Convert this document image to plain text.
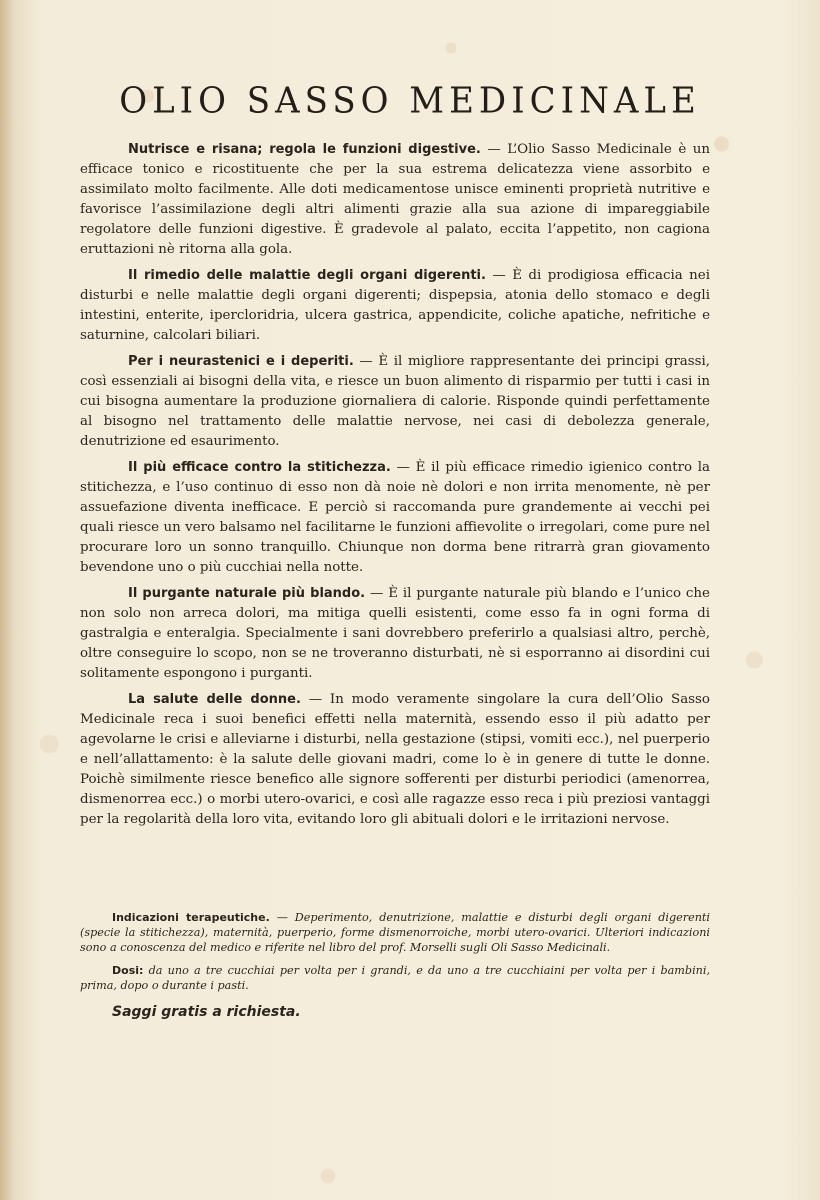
OLIO SASSO MEDICINALE

Nutrisce e risana; regola le funzioni digestive. — L’Olio Sasso Medicinale è un efficace tonico e ricostituente che per la sua estrema delicatezza viene assorbito e assimilato molto facilmente. Alle doti medicamentose unisce eminenti proprietà nutritive e favorisce l’assimilazione degli altri alimenti grazie alla sua azione di impareggiabile regolatore delle funzioni digestive. È gradevole al palato, eccita l’appetito, non cagiona eruttazioni nè ritorna alla gola.

Il rimedio delle malattie degli organi digerenti. — È di prodigiosa efficacia nei disturbi e nelle malattie degli organi digerenti; dispepsia, atonia dello stomaco e degli intestini, enterite, ipercloridria, ulcera gastrica, appendicite, coliche apatiche, nefritiche e saturnine, calcolari biliari.

Per i neurastenici e i deperiti. — È il migliore rappresentante dei principi grassi, così essenziali ai bisogni della vita, e riesce un buon alimento di risparmio per tutti i casi in cui bisogna aumentare la produzione giornaliera di calorie. Risponde quindi perfettamente al bisogno nel trattamento delle malattie nervose, nei casi di debolezza generale, denutrizione ed esaurimento.

Il più efficace contro la stitichezza. — È il più efficace rimedio igienico contro la stitichezza, e l’uso continuo di esso non dà noie nè dolori e non irrita menomente, nè per assuefazione diventa inefficace. E perciò si raccomanda pure grandemente ai vecchi pei quali riesce un vero balsamo nel facilitarne le funzioni affievolite o irregolari, come pure nel procurare loro un sonno tranquillo. Chiunque non dorma bene ritrarrà gran giovamento bevendone uno o più cucchiai nella notte.

Il purgante naturale più blando. — È il purgante naturale più blando e l’unico che non solo non arreca dolori, ma mitiga quelli esistenti, come esso fa in ogni forma di gastralgia e enteralgia. Specialmente i sani dovrebbero preferirlo a qualsiasi altro, perchè, oltre conseguire lo scopo, non se ne troveranno disturbati, nè si esporranno ai disordini cui solitamente espongono i purganti.

La salute delle donne. — In modo veramente singolare la cura dell’Olio Sasso Medicinale reca i suoi benefici effetti nella maternità, essendo esso il più adatto per agevolarne le crisi e alleviarne i disturbi, nella gestazione (stipsi, vomiti ecc.), nel puerperio e nell’allattamento: è la salute delle giovani madri, come lo è in genere di tutte le donne. Poichè similmente riesce benefico alle signore sofferenti per disturbi periodici (amenorrea, dismenorrea ecc.) o morbi utero-ovarici, e così alle ragazze esso reca i più preziosi vantaggi per la regolarità della loro vita, evitando loro gli abituali dolori e le irritazioni nervose.

Indicazioni terapeutiche. — Deperimento, denutrizione, malattie e disturbi degli organi digerenti (specie la stitichezza), maternità, puerperio, forme dismenorroiche, morbi utero-ovarici. Ulteriori indicazioni sono a conoscenza del medico e riferite nel libro del prof. Morselli sugli Oli Sasso Medicinali.

Dosi: da uno a tre cucchiai per volta per i grandi, e da uno a tre cucchiaini per volta per i bambini, prima, dopo o durante i pasti.

Saggi gratis a richiesta.
